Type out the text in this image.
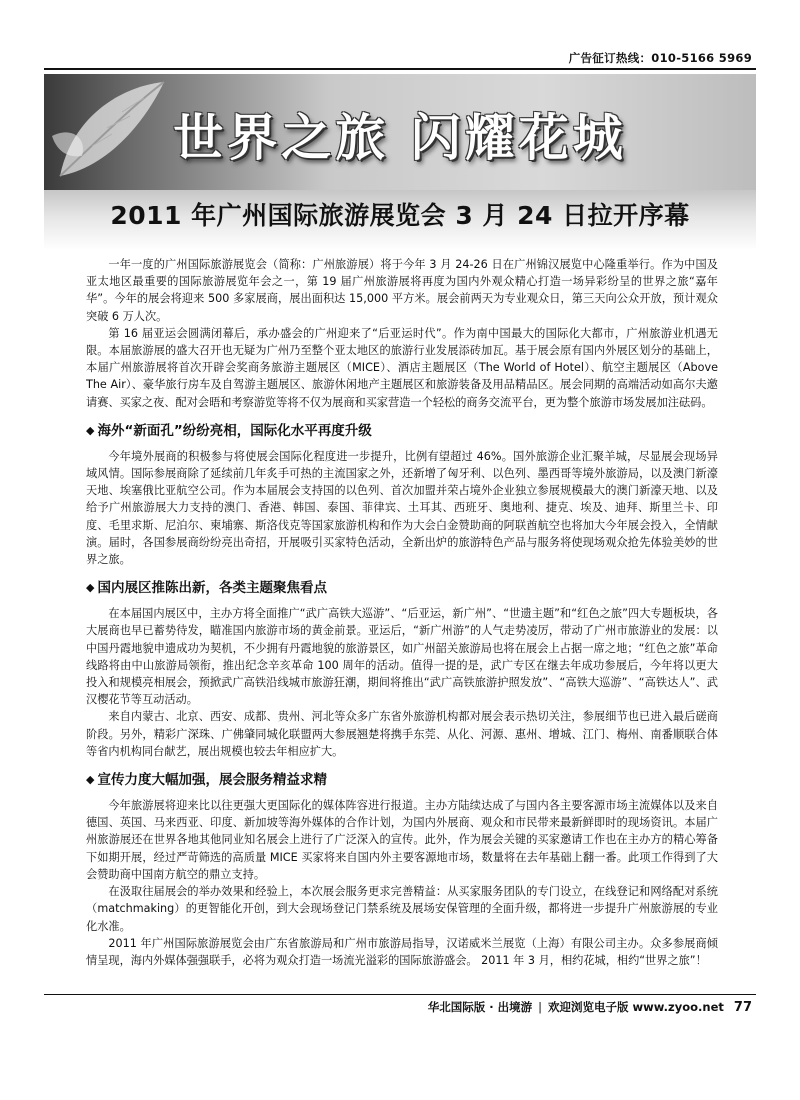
广告征订热线：010-5166 5969
世界之旅 闪耀花城
2011 年广州国际旅游展览会 3 月 24 日拉开序幕

一年一度的广州国际旅游展览会（简称：广州旅游展）将于今年 3 月 24-26 日在广州锦汉展览中心隆重举行。作为中国及亚太地区最重要的国际旅游展览年会之一，第 19 届广州旅游展将再度为国内外观众精心打造一场异彩纷呈的世界之旅“嘉年华”。今年的展会将迎来 500 多家展商，展出面积达 15,000 平方米。展会前两天为专业观众日，第三天向公众开放，预计观众突破 6 万人次。

第 16 届亚运会圆满闭幕后，承办盛会的广州迎来了“后亚运时代”。作为南中国最大的国际化大都市，广州旅游业机遇无限。本届旅游展的盛大召开也无疑为广州乃至整个亚太地区的旅游行业发展添砖加瓦。基于展会原有国内外展区划分的基础上，本届广州旅游展将首次开辟会奖商务旅游主题展区（MICE）、酒店主题展区（The World of Hotel）、航空主题展区（Above The Air）、豪华旅行房车及自驾游主题展区、旅游休闲地产主题展区和旅游装备及用品精品区。展会同期的高端活动如高尔夫邀请赛、买家之夜、配对会晤和考察游览等将不仅为展商和买家营造一个轻松的商务交流平台，更为整个旅游市场发展加注砝码。

◆ 海外“新面孔”纷纷亮相，国际化水平再度升级

今年境外展商的积极参与将使展会国际化程度进一步提升，比例有望超过 46%。国外旅游企业汇聚羊城，尽显展会现场异域风情。国际参展商除了延续前几年炙手可热的主流国家之外，还新增了匈牙利、以色列、墨西哥等境外旅游局，以及澳门新濠天地、埃塞俄比亚航空公司。作为本届展会支持国的以色列、首次加盟并荣占境外企业独立参展规模最大的澳门新濠天地、以及给予广州旅游展大力支持的澳门、香港、韩国、泰国、菲律宾、土耳其、西班牙、奥地利、捷克、埃及、迪拜、斯里兰卡、印度、毛里求斯、尼泊尔、柬埔寨、斯洛伐克等国家旅游机构和作为大会白金赞助商的阿联酋航空也将加大今年展会投入，全情献演。届时，各国参展商纷纷亮出奇招，开展吸引买家特色活动，全新出炉的旅游特色产品与服务将使现场观众抢先体验美妙的世界之旅。

◆ 国内展区推陈出新，各类主题聚焦看点

在本届国内展区中，主办方将全面推广“武广高铁大巡游”、“后亚运，新广州”、“世遗主题”和“红色之旅”四大专题板块，各大展商也早已蓄势待发，瞄准国内旅游市场的黄金前景。亚运后，“新广州游”的人气走势凌厉，带动了广州市旅游业的发展：以中国丹霞地貌申遗成功为契机，不少拥有丹霞地貌的旅游景区，如广州韶关旅游局也将在展会上占据一席之地；“红色之旅”革命线路将由中山旅游局领衔，推出纪念辛亥革命 100 周年的活动。值得一提的是，武广专区在继去年成功参展后，今年将以更大投入和规模亮相展会，预掀武广高铁沿线城市旅游狂潮，期间将推出“武广高铁旅游护照发放”、“高铁大巡游”、“高铁达人”、武汉樱花节等互动活动。

来自内蒙古、北京、西安、成都、贵州、河北等众多广东省外旅游机构都对展会表示热切关注，参展细节也已进入最后磋商阶段。另外，精彩广深珠、广佛肇同城化联盟两大参展翘楚将携手东莞、从化、河源、惠州、增城、江门、梅州、南番顺联合体等省内机构同台献艺，展出规模也较去年相应扩大。

◆ 宣传力度大幅加强，展会服务精益求精

今年旅游展将迎来比以往更强大更国际化的媒体阵容进行报道。主办方陆续达成了与国内各主要客源市场主流媒体以及来自德国、英国、马来西亚、印度、新加坡等海外媒体的合作计划，为国内外展商、观众和市民带来最新鲜即时的现场资讯。本届广州旅游展还在世界各地其他同业知名展会上进行了广泛深入的宣传。此外，作为展会关键的买家邀请工作也在主办方的精心筹备下如期开展，经过严苛筛选的高质量 MICE 买家将来自国内外主要客源地市场，数量将在去年基础上翻一番。此项工作得到了大会赞助商中国南方航空的鼎立支持。

在汲取往届展会的举办效果和经验上，本次展会服务更求完善精益：从买家服务团队的专门设立，在线登记和网络配对系统（matchmaking）的更智能化开创，到大会现场登记门禁系统及展场安保管理的全面升级，都将进一步提升广州旅游展的专业化水准。

2011 年广州国际旅游展览会由广东省旅游局和广州市旅游局指导，汉诺威米兰展览（上海）有限公司主办。众多参展商倾情呈现，海内外媒体强强联手，必将为观众打造一场流光溢彩的国际旅游盛会。 2011 年 3 月，相约花城，相约“世界之旅”！

华北国际版 · 出境游 | 欢迎浏览电子版 www.zyoo.net 77
